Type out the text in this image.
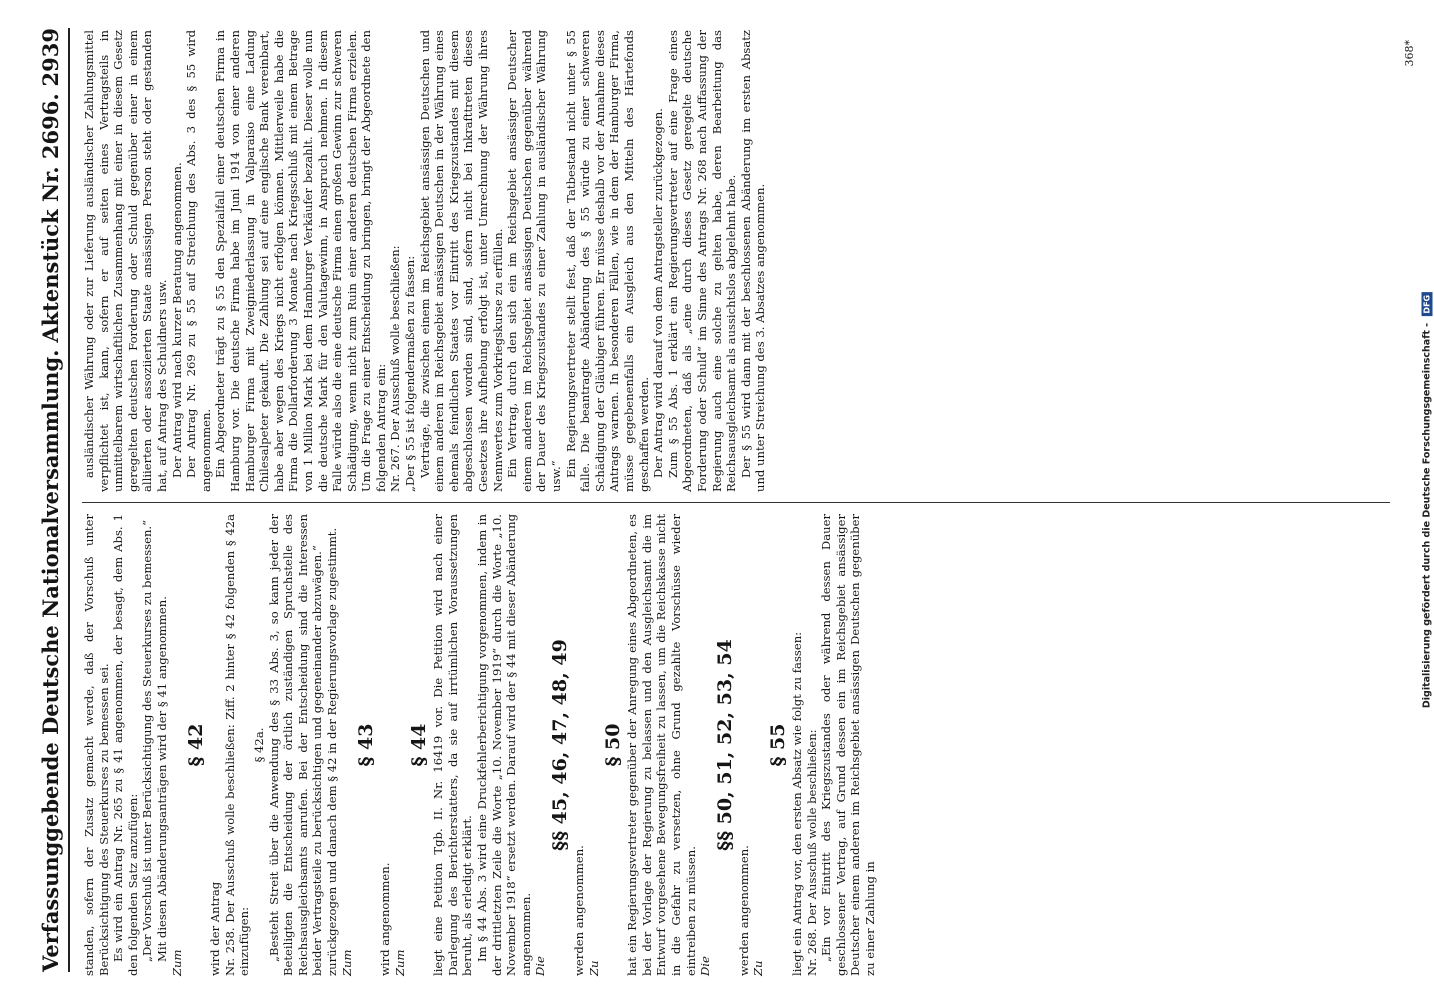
Verfassunggebende Deutsche Nationalversammlung.
Aktenstück Nr. 2696.
2939

standen, sofern der Zusatz gemacht werde, daß der Vorschuß unter Berücksichtigung des Steuerkurses zu bemessen sei. Es wird ein Antrag Nr. 265 zu § 41 angenommen, der besagt, dem Abs. 1 den folgenden Satz anzufügen: „Der Vorschuß ist unter Berücksichtigung des Steuerkurses zu bemessen.“ Mit diesen Abänderungsanträgen wird der § 41 angenommen.

Zum

§ 42

wird der Antrag Nr. 258. Der Ausschuß wolle beschließen: Ziff. 2 hinter § 42 folgenden § 42a einzufügen:

§ 42a. „Besteht Streit über die Anwendung des § 33 Abs. 3, so kann jeder der Beteiligten die Entscheidung der örtlich zuständigen Spruchstelle des Reichsausgleichsamts anrufen. Bei der Entscheidung sind die Interessen beider Vertragsteile zu berücksichtigen und gegeneinander abzuwägen.“ zurückgezogen und danach dem § 42 in der Regierungsvorlage zugestimmt. Zum

§ 43

wird angenommen. Zum

§ 44 liegt eine Petition Tgb. II. Nr. 16419 vor. Die Petition wird nach einer Darlegung des Berichterstatters, da sie auf irrtümlichen Voraussetzungen beruht, als erledigt erklärt. Im § 44 Abs. 3 wird eine Druckfehlerberichtigung vorgenommen, indem in der drittletzten Zeile die Worte „10. November 1919“ durch die Worte „10. November 1918“ ersetzt werden. Darauf wird der § 44 mit dieser Abänderung angenommen. Die

§§ 45, 46, 47, 48, 49

werden angenommen. Zu

§ 50 hat ein Regierungsvertreter gegenüber der Anregung eines Abgeordneten, es bei der Vorlage der Regierung zu belassen und den Ausgleichsamt die im Entwurf vorgesehene Bewegungsfreiheit zu lassen, um die Reichskasse nicht in die Gefahr zu versetzen, ohne Grund gezahlte Vorschüsse wieder eintreiben zu müssen. Die

§§ 50, 51, 52, 53, 54

werden angenommen. Zu

§ 55 liegt ein Antrag vor, den ersten Absatz wie folgt zu fassen: Nr. 268. Der Ausschuß wolle beschließen: „Ein vor Eintritt des Kriegszustandes oder während dessen Dauer geschlossener Vertrag, auf Grund dessen ein im Reichsgebiet ansässiger Deutscher einem anderen im Reichsgebiet ansässigen Deutschen gegenüber zu einer Zahlung in

ausländischer Währung oder zur Lieferung ausländischer Zahlungsmittel verpflichtet ist, kann, sofern er auf seiten eines Vertragsteils in unmittelbarem wirtschaftlichen Zusammenhang mit einer in diesem Gesetz geregelten deutschen Forderung oder Schuld gegenüber einer in einem alliierten oder assoziierten Staate ansässigen Person steht oder gestanden hat, auf Antrag des Schuldners usw. Der Antrag wird nach kurzer Beratung angenommen. Der Antrag Nr. 269 zu § 55 auf Streichung des Abs. 3 des § 55 wird angenommen. Ein Abgeordneter trägt zu § 55 den Spezialfall einer deutschen Firma in Hamburg vor. Die deutsche Firma habe im Juni 1914 von einer anderen Hamburger Firma mit Zweigniederlassung in Valparaiso eine Ladung Chilesalpeter gekauft. Die Zahlung sei auf eine englische Bank vereinbart, habe aber wegen des Kriegs nicht erfolgen können. Mittlerweile habe die Firma die Dollarforderung 3 Monate nach Kriegsschluß mit einem Betrage von 1 Million Mark bei dem Hamburger Verkäufer bezahlt. Dieser wolle nun die deutsche Mark für den Valutagewinn, in Anspruch nehmen. In diesem Falle würde also die eine deutsche Firma einen großen Gewinn zur schweren Schädigung, wenn nicht zum Ruin einer anderen deutschen Firma erzielen. Um die Frage zu einer Entscheidung zu bringen, bringt der Abgeordnete den folgenden Antrag ein: Nr. 267. Der Ausschuß wolle beschließen: „Der § 55 ist folgendermaßen zu fassen: Verträge, die zwischen einem im Reichsgebiet ansässigen Deutschen und einem anderen im Reichsgebiet ansässigen Deutschen in der Währung eines ehemals feindlichen Staates vor Eintritt des Kriegszustandes mit diesem abgeschlossen worden sind, sind, sofern nicht bei Inkrafttreten dieses Gesetzes ihre Aufhebung erfolgt ist, unter Umrechnung der Währung ihres Nennwertes zum Vorkriegskurse zu erfüllen. Ein Vertrag, durch den sich ein im Reichsgebiet ansässiger Deutscher einem anderen im Reichsgebiet ansässigen Deutschen gegenüber während der Dauer des Kriegszustandes zu einer Zahlung in ausländischer Währung usw.“ Ein Regierungsvertreter stellt fest, daß der Tatbestand nicht unter § 55 falle. Die beantragte Abänderung des § 55 würde zu einer schweren Schädigung der Gläubiger führen. Er müsse deshalb vor der Annahme dieses Antrags warnen. In besonderen Fällen, wie in dem der Hamburger Firma, müsse gegebenenfalls ein Ausgleich aus den Mitteln des Härtefonds geschaffen werden. Der Antrag wird darauf von dem Antragsteller zurückgezogen. Zum § 55 Abs. 1 erklärt ein Regierungsvertreter auf eine Frage eines Abgeordneten, daß als „eine durch dieses Gesetz geregelte deutsche Forderung oder Schuld“ im Sinne des Antrags Nr. 268 nach Auffassung der Regierung auch eine solche zu gelten habe, deren Bearbeitung das Reichsausgleichsamt als aussichtslos abgelehnt habe. Der § 55 wird dann mit der beschlossenen Abänderung im ersten Absatz und unter Streichung des 3. Absatzes angenommen.

368*
Digitalisierung gefördert durch die Deutsche Forschungsgemeinschaft - DFG
